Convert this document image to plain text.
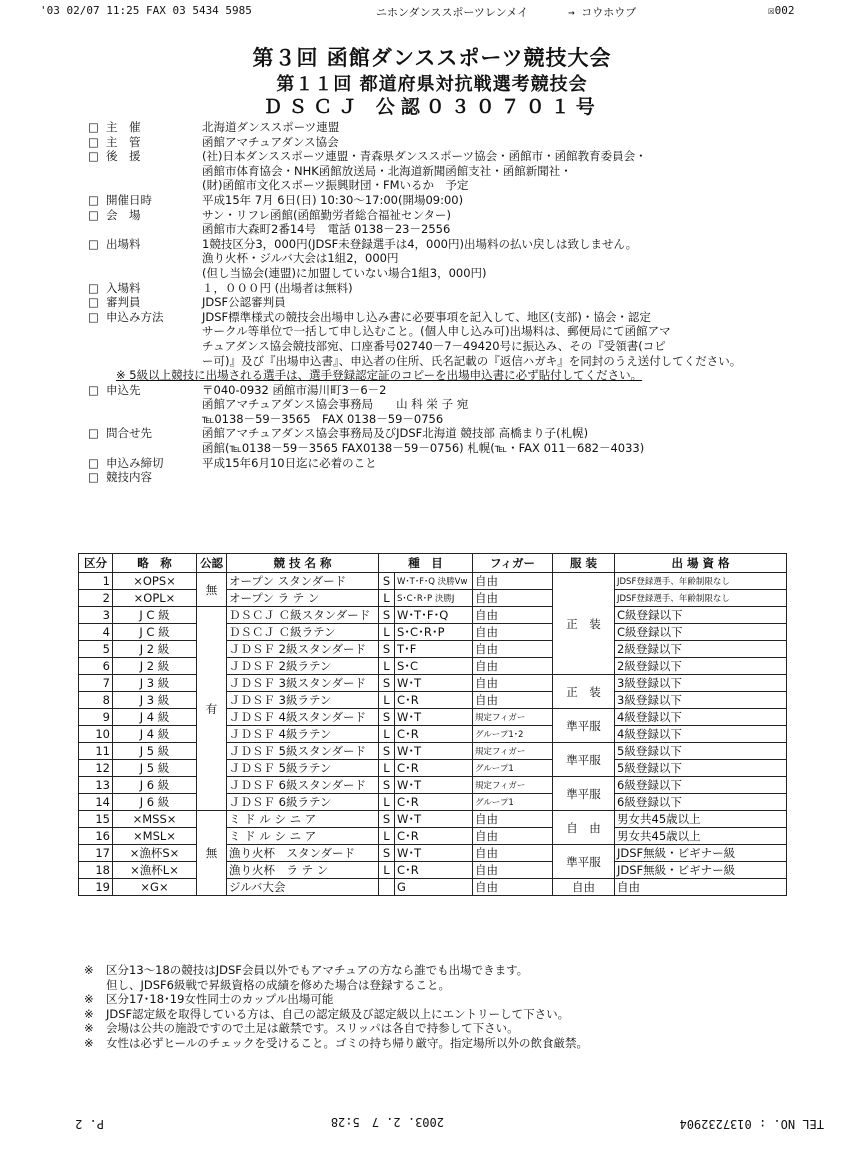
'03 02/07 11:25 FAX 03 5434 5985	ニホンダンススポーツレンメイ	→ コウホウブ	☒002
第３回 函館ダンススポーツ競技大会
第１１回 都道府県対抗戦選考競技会
ＤＳＣＪ 公認０３０７０１号
□ 主　催	北海道ダンススポーツ連盟
□ 主　管	函館アマチュアダンス協会
□ 後　援	(社)日本ダンススポーツ連盟・青森県ダンススポーツ協会・函館市・函館教育委員会・
函館市体育協会・NHK函館放送局・北海道新聞函館支社・函館新聞社・
(財)函館市文化スポーツ振興財団・FMいるか　予定
□ 開催日時	平成15年 7月 6日(日) 10:30～17:00(開場09:00)
□ 会　場	サン・リフレ函館(函館勤労者総合福祉センター)
函館市大森町2番14号　電話 0138－23－2556
□ 出場料	1競技区分3，000円(JDSF未登録選手は4，000円)出場料の払い戻しは致しません。
漁り火杯・ジルバ大会は1組2，000円
(但し当協会(連盟)に加盟していない場合1組3，000円)
□ 入場料	１，０００円 (出場者は無料)
□ 審判員	JDSF公認審判員
□ 申込み方法	JDSF標準様式の競技会出場申し込み書に必要事項を記入して、地区(支部)・協会・認定
サークル等単位で一括して申し込むこと。(個人申し込み可)出場料は、郵便局にて函館アマ
チュアダンス協会競技部宛、口座番号02740－7－49420号に振込み、その『受領書(コピ
ー可)』及び『出場申込書』、申込者の住所、氏名記載の『返信ハガキ』を同封のうえ送付してください。
※ 5級以上競技に出場される選手は、選手登録認定証のコピーを出場申込書に必ず貼付してください。
□ 申込先	〒040-0932 函館市湯川町3－6－2
函館アマチュアダンス協会事務局　　山 科 栄 子 宛
℡0138－59－3565　FAX 0138－59－0756
□ 問合せ先	函館アマチュアダンス協会事務局及びJDSF北海道 競技部 高橋まり子(札幌)
函館(℡0138－59－3565 FAX0138－59－0756) 札幌(℡・FAX 011－682－4033)
□ 申込み締切	平成15年6月10日迄に必着のこと
□ 競技内容
区分	略　称	公認	競 技 名 称	種　目		フィガー	服 装	出 場 資 格
1	×OPS×	無	オープン スタンダード	S	W･T･F･Q 決勝Vw	自由	正　装	JDSF登録選手、年齢制限なし
2	×OPL×		オープン ラ テ ン	L	S･C･R･P 決勝J	自由		JDSF登録選手、年齢制限なし
3	J C 級	有	ＤＳＣＪ Ｃ級スタンダード	S	W･T･F･Q	自由		C級登録以下
4	J C 級		ＤＳＣＪ Ｃ級ラテン	L	S･C･R･P	自由		C級登録以下
5	J 2 級		ＪＤＳＦ 2級スタンダード	S	T･F	自由		2級登録以下
6	J 2 級		ＪＤＳＦ 2級ラテン	L	S･C	自由		2級登録以下
7	J 3 級		ＪＤＳＦ 3級スタンダード	S	W･T	自由	正　装	3級登録以下
8	J 3 級		ＪＤＳＦ 3級ラテン	L	C･R	自由		3級登録以下
9	J 4 級		ＪＤＳＦ 4級スタンダード	S	W･T	規定フィガー	準平服	4級登録以下
10	J 4 級		ＪＤＳＦ 4級ラテン	L	C･R	グループ1･2		4級登録以下
11	J 5 級		ＪＤＳＦ 5級スタンダード	S	W･T	規定フィガー	準平服	5級登録以下
12	J 5 級		ＪＤＳＦ 5級ラテン	L	C･R	グループ1		5級登録以下
13	J 6 級		ＪＤＳＦ 6級スタンダード	S	W･T	規定フィガー	準平服	6級登録以下
14	J 6 級		ＪＤＳＦ 6級ラテン	L	C･R	グループ1		6級登録以下
15	×MSS×	無	ミ ド ル シ ニ ア	S	W･T	自由	自　由	男女共45歳以上
16	×MSL×		ミ ド ル シ ニ ア	L	C･R	自由		男女共45歳以上
17	×漁杯S×		漁り火杯　スタンダード	S	W･T	自由	準平服	JDSF無級・ビギナー級
18	×漁杯L×		漁り火杯　ラ テ ン	L	C･R	自由		JDSF無級・ビギナー級
19	×G×		ジルバ大会		G	自由	自由	自由
※	区分13～18の競技はJDSF会員以外でもアマチュアの方なら誰でも出場できます。
但し、JDSF6級戦で昇級資格の成績を修めた場合は登録すること。
※	区分17･18･19女性同士のカップル出場可能
※	JDSF認定級を取得している方は、自己の認定級及び認定級以上にエントリーして下さい。
※	会場は公共の施設ですので土足は厳禁です。スリッパは各自で持参して下さい。
※	女性は必ずヒールのチェックを受けること。ゴミの持ち帰り厳守。指定場所以外の飲食厳禁。
TEL NO. : 0137232904
2003. 2. 7　5:28
P. 2
